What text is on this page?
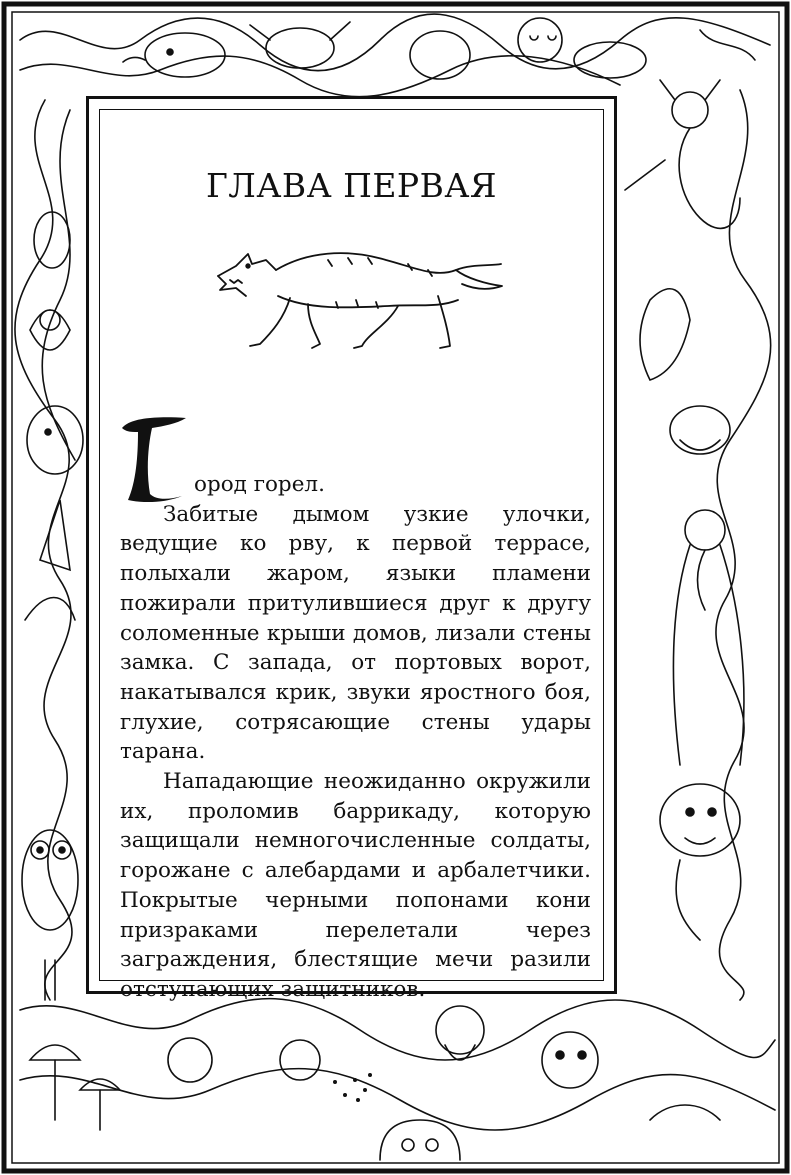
ГЛАВА ПЕРВАЯ

ород горел.

Забитые дымом узкие улочки, ведущие ко рву, к первой террасе, полыхали жаром, языки пламени пожирали притулившиеся друг к другу соломенные крыши домов, лизали стены замка. С запада, от портовых ворот, накатывался крик, звуки яростного боя, глухие, сотрясающие стены удары тарана.

Нападающие неожиданно окружили их, проломив баррикаду, которую защищали немногочисленные солдаты, горожане с алебардами и арбалетчики. Покрытые черными попонами кони призраками перелетали через заграждения, блестящие мечи разили отступающих защитников.
